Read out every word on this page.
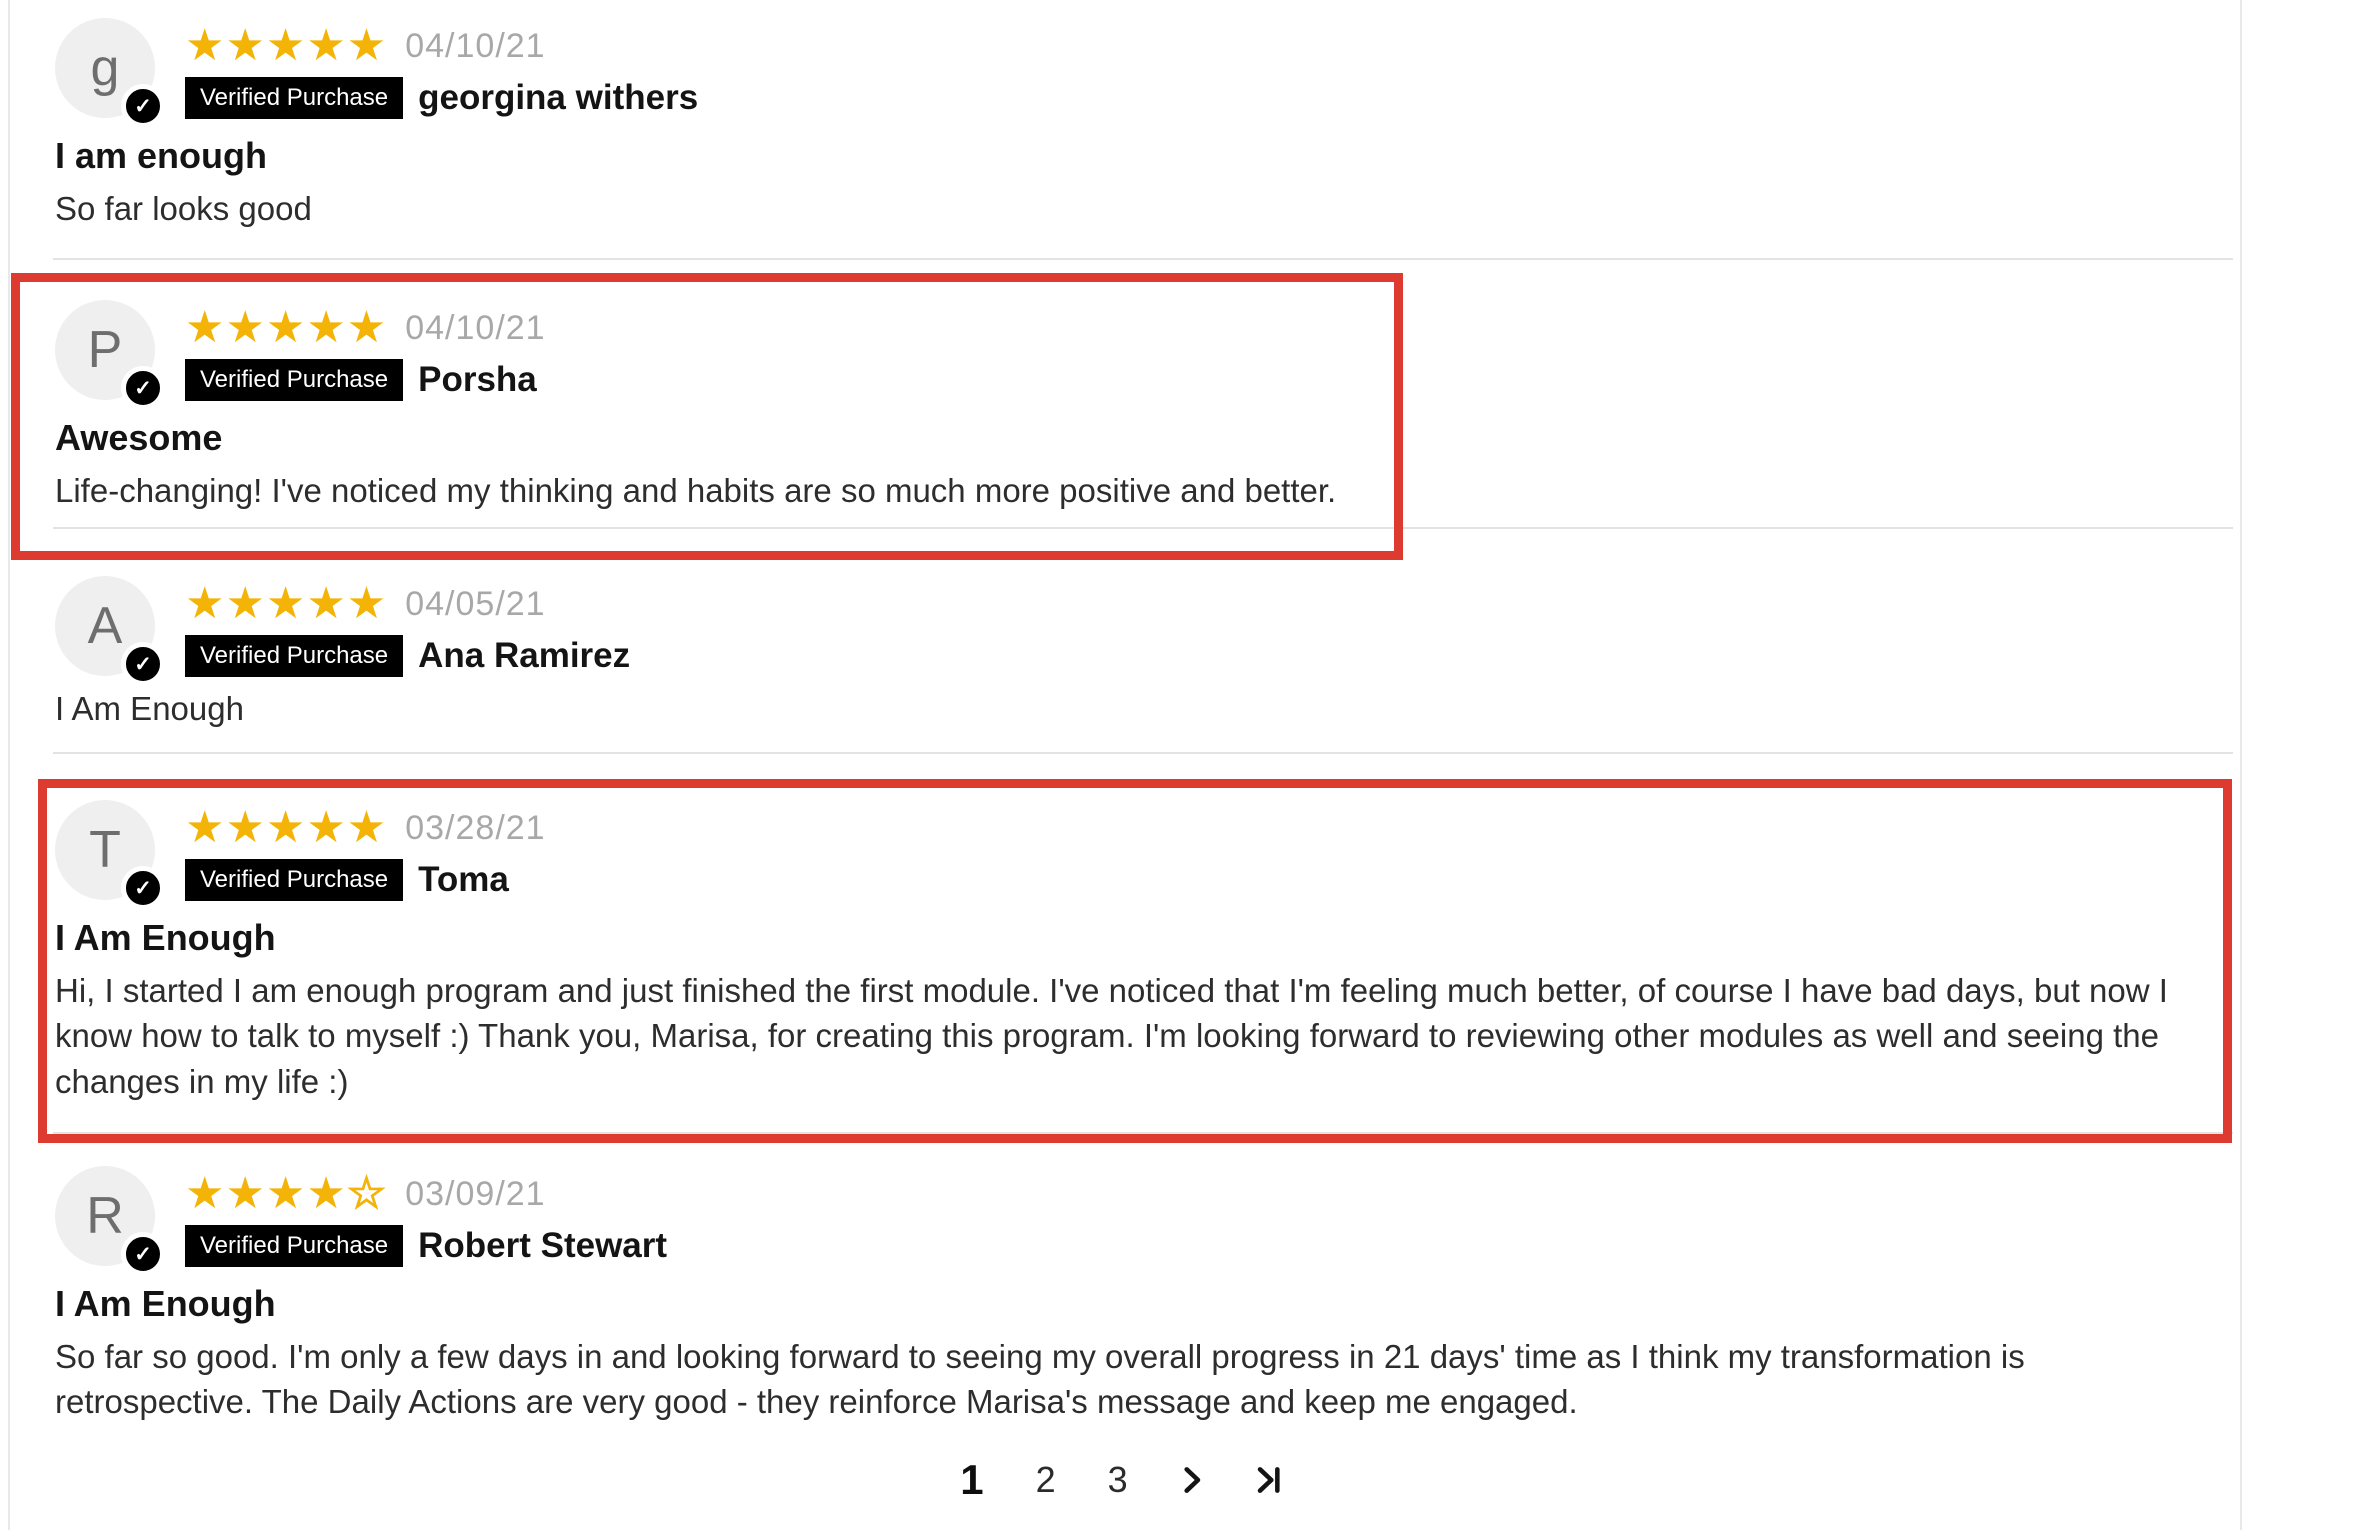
g
✓
★★★★★ 04/10/21
Verified Purchase georgina withers
I am enough
So far looks good
P
✓
★★★★★ 04/10/21
Verified Purchase Porsha
Awesome
Life-changing! I've noticed my thinking and habits are so much more positive and better.
A
✓
★★★★★ 04/05/21
Verified Purchase Ana Ramirez
I Am Enough
T
✓
★★★★★ 03/28/21
Verified Purchase Toma
I Am Enough
Hi, I started I am enough program and just finished the first module. I've noticed that I'm feeling much better, of course I have bad days, but now I know how to talk to myself :) Thank you, Marisa, for creating this program. I'm looking forward to reviewing other modules as well and seeing the changes in my life :)
R
✓
★★★★☆ 03/09/21
Verified Purchase Robert Stewart
I Am Enough
So far so good. I'm only a few days in and looking forward to seeing my overall progress in 21 days' time as I think my transformation is retrospective. The Daily Actions are very good - they reinforce Marisa's message and keep me engaged.
1 2 3
